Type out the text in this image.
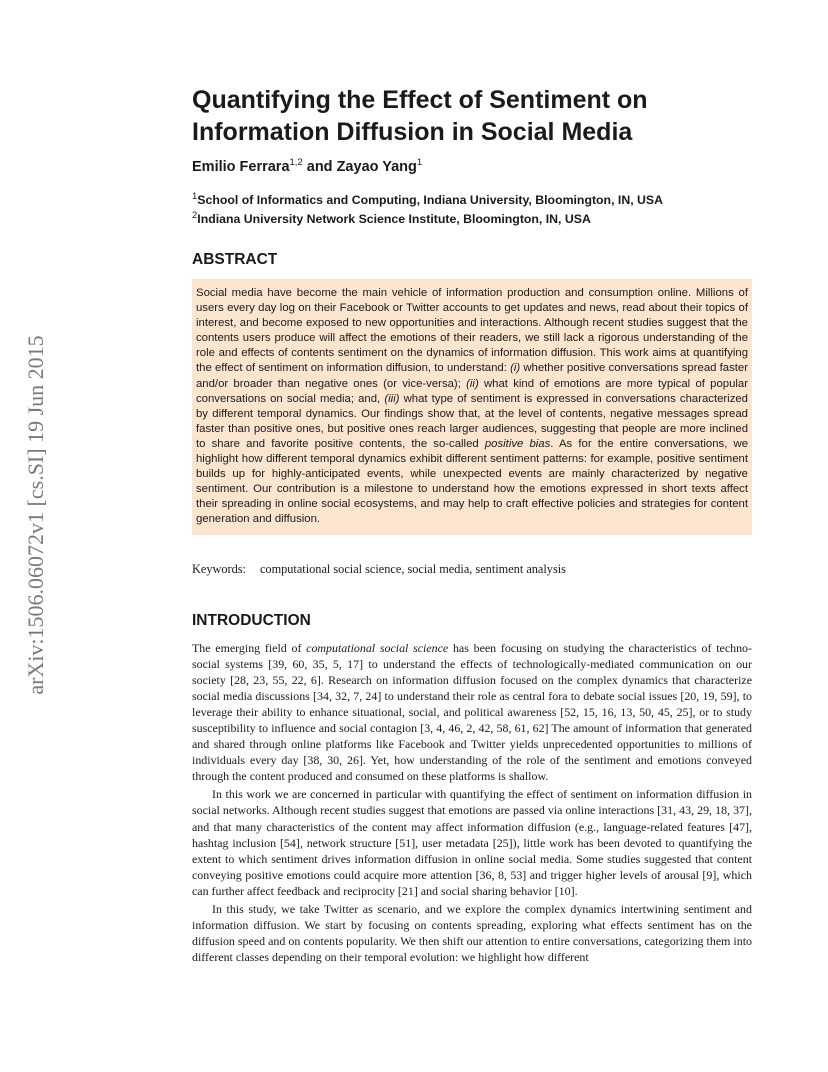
arXiv:1506.06072v1 [cs.SI] 19 Jun 2015
Quantifying the Effect of Sentiment on
Information Diffusion in Social Media
Emilio Ferrara$^{1,2}$ and Zayao Yang$^1$
$^1$School of Informatics and Computing, Indiana University, Bloomington, IN, USA
$^2$Indiana University Network Science Institute, Bloomington, IN, USA
ABSTRACT

Social media have become the main vehicle of information production and consumption online. Millions of users every day log on their Facebook or Twitter accounts to get updates and news, read about their topics of interest, and become exposed to new opportunities and interactions. Although recent studies suggest that the contents users produce will affect the emotions of their readers, we still lack a rigorous understanding of the role and effects of contents sentiment on the dynamics of information diffusion. This work aims at quantifying the effect of sentiment on information diffusion, to understand: (i) whether positive conversations spread faster and/or broader than negative ones (or vice-versa); (ii) what kind of emotions are more typical of popular conversations on social media; and, (iii) what type of sentiment is expressed in conversations characterized by different temporal dynamics. Our findings show that, at the level of contents, negative messages spread faster than positive ones, but positive ones reach larger audiences, suggesting that people are more inclined to share and favorite positive contents, the so-called positive bias. As for the entire conversations, we highlight how different temporal dynamics exhibit different sentiment patterns: for example, positive sentiment builds up for highly-anticipated events, while unexpected events are mainly characterized by negative sentiment. Our contribution is a milestone to understand how the emotions expressed in short texts affect their spreading in online social ecosystems, and may help to craft effective policies and strategies for content generation and diffusion.

Keywords: computational social science, social media, sentiment analysis
INTRODUCTION

The emerging field of computational social science has been focusing on studying the characteristics of techno-social systems [39, 60, 35, 5, 17] to understand the effects of technologically-mediated communication on our society [28, 23, 55, 22, 6]. Research on information diffusion focused on the complex dynamics that characterize social media discussions [34, 32, 7, 24] to understand their role as central fora to debate social issues [20, 19, 59], to leverage their ability to enhance situational, social, and political awareness [52, 15, 16, 13, 50, 45, 25], or to study susceptibility to influence and social contagion [3, 4, 46, 2, 42, 58, 61, 62] The amount of information that generated and shared through online platforms like Facebook and Twitter yields unprecedented opportunities to millions of individuals every day [38, 30, 26]. Yet, how understanding of the role of the sentiment and emotions conveyed through the content produced and consumed on these platforms is shallow.

In this work we are concerned in particular with quantifying the effect of sentiment on information diffusion in social networks. Although recent studies suggest that emotions are passed via online interactions [31, 43, 29, 18, 37], and that many characteristics of the content may affect information diffusion (e.g., language-related features [47], hashtag inclusion [54], network structure [51], user metadata [25]), little work has been devoted to quantifying the extent to which sentiment drives information diffusion in online social media. Some studies suggested that content conveying positive emotions could acquire more attention [36, 8, 53] and trigger higher levels of arousal [9], which can further affect feedback and reciprocity [21] and social sharing behavior [10].

In this study, we take Twitter as scenario, and we explore the complex dynamics intertwining sentiment and information diffusion. We start by focusing on contents spreading, exploring what effects sentiment has on the diffusion speed and on contents popularity. We then shift our attention to entire conversations, categorizing them into different classes depending on their temporal evolution: we highlight how different
